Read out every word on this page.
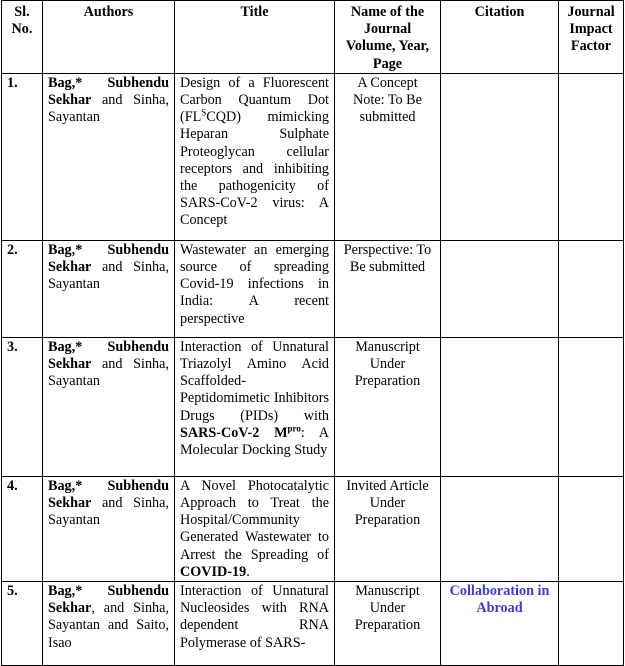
Sl. No.	Authors	Title	Name of the Journal Volume, Year, Page	Citation	Journal Impact Factor
1.	Bag,* Subhendu Sekhar and Sinha, Sayantan	Design of a Fluorescent Carbon Quantum Dot $(FL^SCQD)$ mimicking Heparan Sulphate Proteoglycan cellular receptors and inhibiting the pathogenicity of SARS-CoV-2 virus: A Concept	A Concept Note: To Be submitted		
2.	Bag,* Subhendu Sekhar and Sinha, Sayantan	Wastewater an emerging source of spreading Covid-19 infections in India: A recent perspective	Perspective: To Be submitted		
3.	Bag,* Subhendu Sekhar and Sinha, Sayantan	Interaction of Unnatural Triazolyl Amino Acid Scaffolded-Peptidomimetic Inhibitors Drugs (PIDs) with SARS-CoV-2 $M^{pro}$: A Molecular Docking Study	Manuscript Under Preparation		
4.	Bag,* Subhendu Sekhar and Sinha, Sayantan	A Novel Photocatalytic Approach to Treat the Hospital/Community Generated Wastewater to Arrest the Spreading of COVID-19.	Invited Article Under Preparation		
5.	Bag,* Subhendu Sekhar, and Sinha, Sayantan and Saito, Isao	Interaction of Unnatural Nucleosides with RNA dependent RNA Polymerase of SARS-	Manuscript Under Preparation	Collaboration in Abroad	
